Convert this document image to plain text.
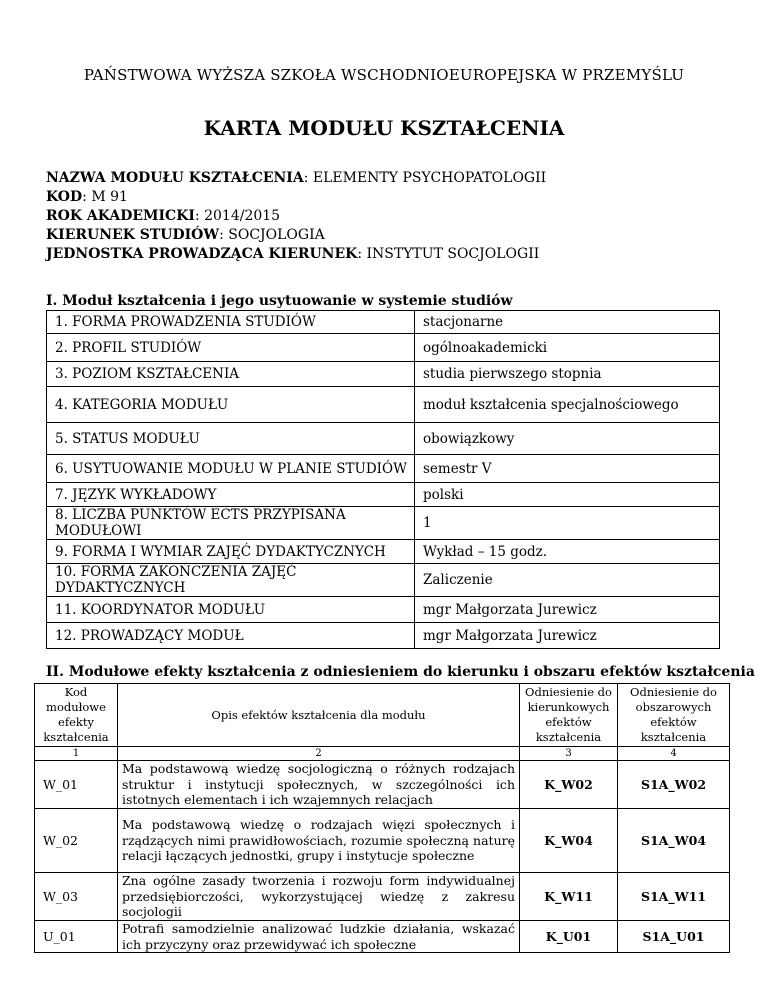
PAŃSTWOWA WYŻSZA SZKOŁA WSCHODNIOEUROPEJSKA W PRZEMYŚLU
KARTA MODUŁU KSZTAŁCENIA
NAZWA MODUŁU KSZTAŁCENIA: ELEMENTY PSYCHOPATOLOGII
KOD: M 91
ROK AKADEMICKI: 2014/2015
KIERUNEK STUDIÓW: SOCJOLOGIA
JEDNOSTKA PROWADZĄCA KIERUNEK: INSTYTUT SOCJOLOGII
I. Moduł kształcenia i jego usytuowanie w systemie studiów
1. FORMA PROWADZENIA STUDIÓW	stacjonarne
2. PROFIL STUDIÓW	ogólnoakademicki
3. POZIOM KSZTAŁCENIA	studia pierwszego stopnia
4. KATEGORIA MODUŁU	moduł kształcenia specjalnościowego
5. STATUS MODUŁU	obowiązkowy
6. USYTUOWANIE MODUŁU W PLANIE STUDIÓW	semestr V
7. JĘZYK WYKŁADOWY	polski
8. LICZBA PUNKTÓW ECTS PRZYPISANA MODUŁOWI	1
9. FORMA I WYMIAR ZAJĘĆ DYDAKTYCZNYCH	Wykład – 15 godz.
10. FORMA ZAKOŃCZENIA ZAJĘĆ DYDAKTYCZNYCH	Zaliczenie
11. KOORDYNATOR MODUŁU	mgr Małgorzata Jurewicz
12. PROWADZĄCY MODUŁ	mgr Małgorzata Jurewicz
II. Modułowe efekty kształcenia z odniesieniem do kierunku i obszaru efektów kształcenia
Kod modułowe efekty kształcenia	Opis efektów kształcenia dla modułu	Odniesienie do kierunkowych efektów kształcenia	Odniesienie do obszarowych efektów kształcenia
1	2	3	4
W_01	Ma podstawową wiedzę socjologiczną o różnych rodzajach struktur i instytucji społecznych, w szczególności ich istotnych elementach i ich wzajemnych relacjach	K_W02	S1A_W02
W_02	Ma podstawową wiedzę o rodzajach więzi społecznych i rządzących nimi prawidłowościach, rozumie społeczną naturę relacji łączących jednostki, grupy i instytucje społeczne	K_W04	S1A_W04
W_03	Zna ogólne zasady tworzenia i rozwoju form indywidualnej przedsiębiorczości, wykorzystującej wiedzę z zakresu socjologii	K_W11	S1A_W11
U_01	Potrafi samodzielnie analizować ludzkie działania, wskazać ich przyczyny oraz przewidywać ich społeczne	K_U01	S1A_U01
